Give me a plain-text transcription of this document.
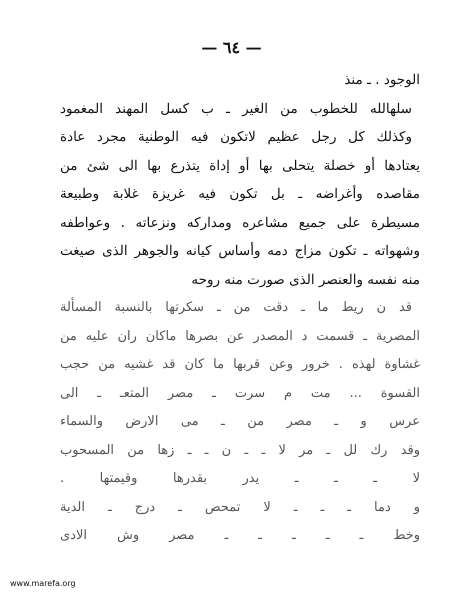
— ٦٤ —
الوجود . ـ منذ
سلهالله للخطوب من الغير ـ ب كسل المهند المغمود
وكذلك كل رجل عظيم لاتكون فيه الوطنية مجرد عادة
يعتادها أو خصلة يتحلى بها أو إداة يتذرع بها الى شئ من
مقاصده وأغراضه ـ بل تكون فيه غريزة غلابة وطبيعة
مسيطرة على جميع مشاعره ومداركه ونزعاته . وعواطفه
وشهواته ـ تكون مزاج دمه وأساس كيانه والجوهر الذى صيغت
منه نفسه والعنصر الذى صورت منه روحه
قد ن ريط ما ـ دقت من ـ سكرتها بالنسبة المسألة
المصرية ـ قسمت د المصدر عن بصرها ماكان ران عليه من
غشاوة لهذه . خرور وعن قربها ما كان قد غشيه من حجب
القسوة ... مت م سرت ـ مصر المتعـ ـ الى
عرس و ـ مصر من ـ مى الارض والسماء
وقد رك لل ـ مر لا ـ ـ ن ـ ـ زها من المسحوب
لا ـ ـ ـ يدر بقدرها وقيمتها .
و دما ـ ـ ـ لا تمحص ـ درج ـ الدية
وخط ـ ـ ـ ـ ـ مصر وش الادى
www.marefa.org
